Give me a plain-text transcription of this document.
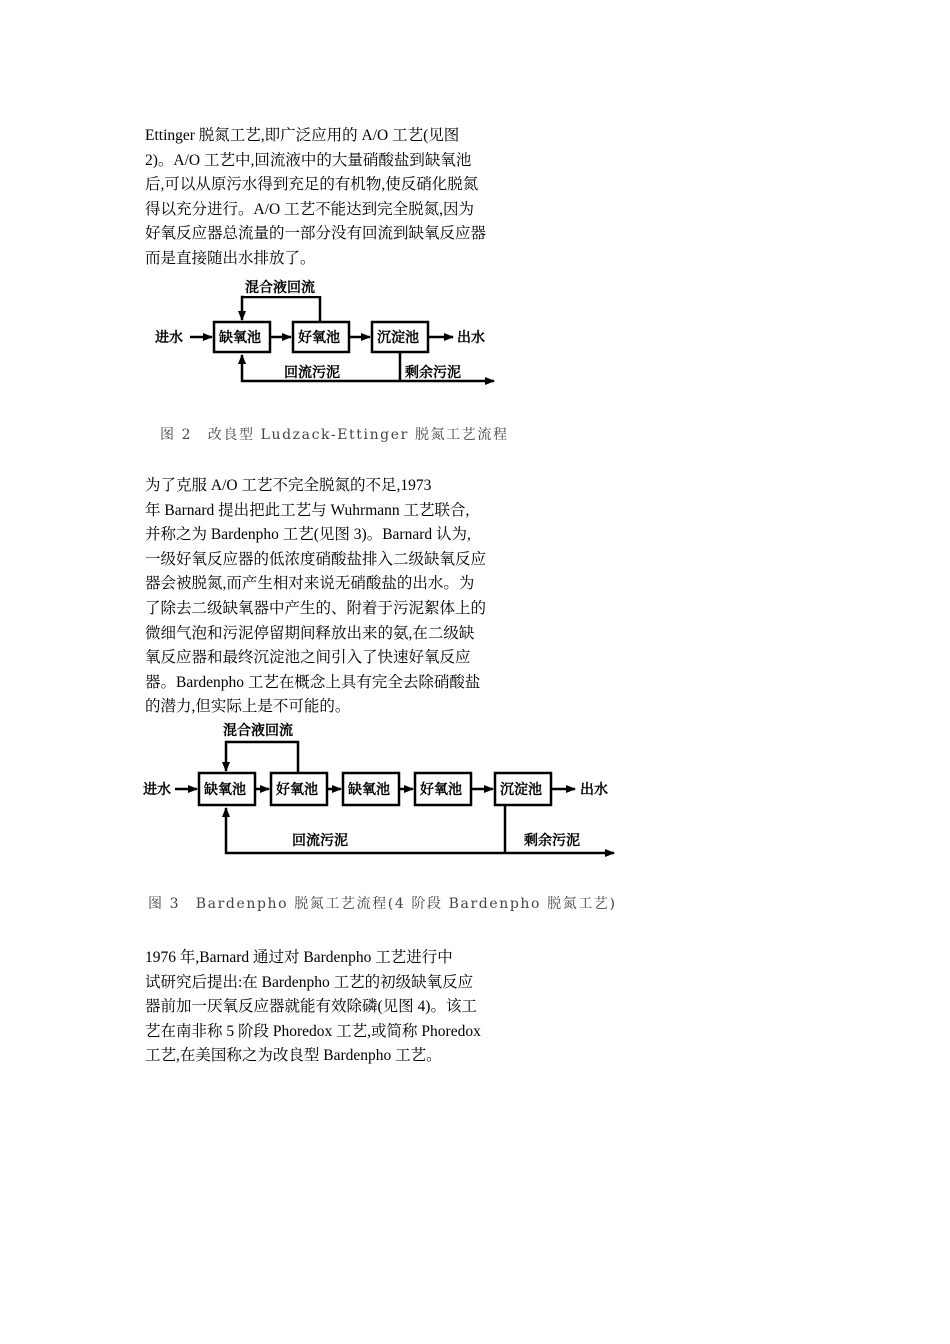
Ettinger 脱氮工艺,即广泛应用的 A/O 工艺(见图
2)。A/O 工艺中,回流液中的大量硝酸盐到缺氧池
后,可以从原污水得到充足的有机物,使反硝化脱氮
得以充分进行。A/O 工艺不能达到完全脱氮,因为
好氧反应器总流量的一部分没有回流到缺氧反应器
而是直接随出水排放了。
进水	缺氧池	好氧池	沉淀池	出水
混合液回流
回流污泥	剩余污泥
图 2　改良型 Ludzack-Ettinger 脱氮工艺流程
为了克服 A/O 工艺不完全脱氮的不足,1973
年 Barnard 提出把此工艺与 Wuhrmann 工艺联合,
并称之为 Bardenpho 工艺(见图 3)。Barnard 认为,
一级好氧反应器的低浓度硝酸盐排入二级缺氧反应
器会被脱氮,而产生相对来说无硝酸盐的出水。为
了除去二级缺氧器中产生的、附着于污泥絮体上的
微细气泡和污泥停留期间释放出来的氨,在二级缺
氧反应器和最终沉淀池之间引入了快速好氧反应
器。Bardenpho 工艺在概念上具有完全去除硝酸盐
的潜力,但实际上是不可能的。
进水 缺氧池 好氧池 缺氧池 好氧池	沉淀池	出水
混合液回流
回流污泥	剩余污泥
图 3　Bardenpho 脱氮工艺流程(4 阶段 Bardenpho 脱氮工艺)
1976 年,Barnard 通过对 Bardenpho 工艺进行中
试研究后提出:在 Bardenpho 工艺的初级缺氧反应
器前加一厌氧反应器就能有效除磷(见图 4)。该工
艺在南非称 5 阶段 Phoredox 工艺,或简称 Phoredox
工艺,在美国称之为改良型 Bardenpho 工艺。
